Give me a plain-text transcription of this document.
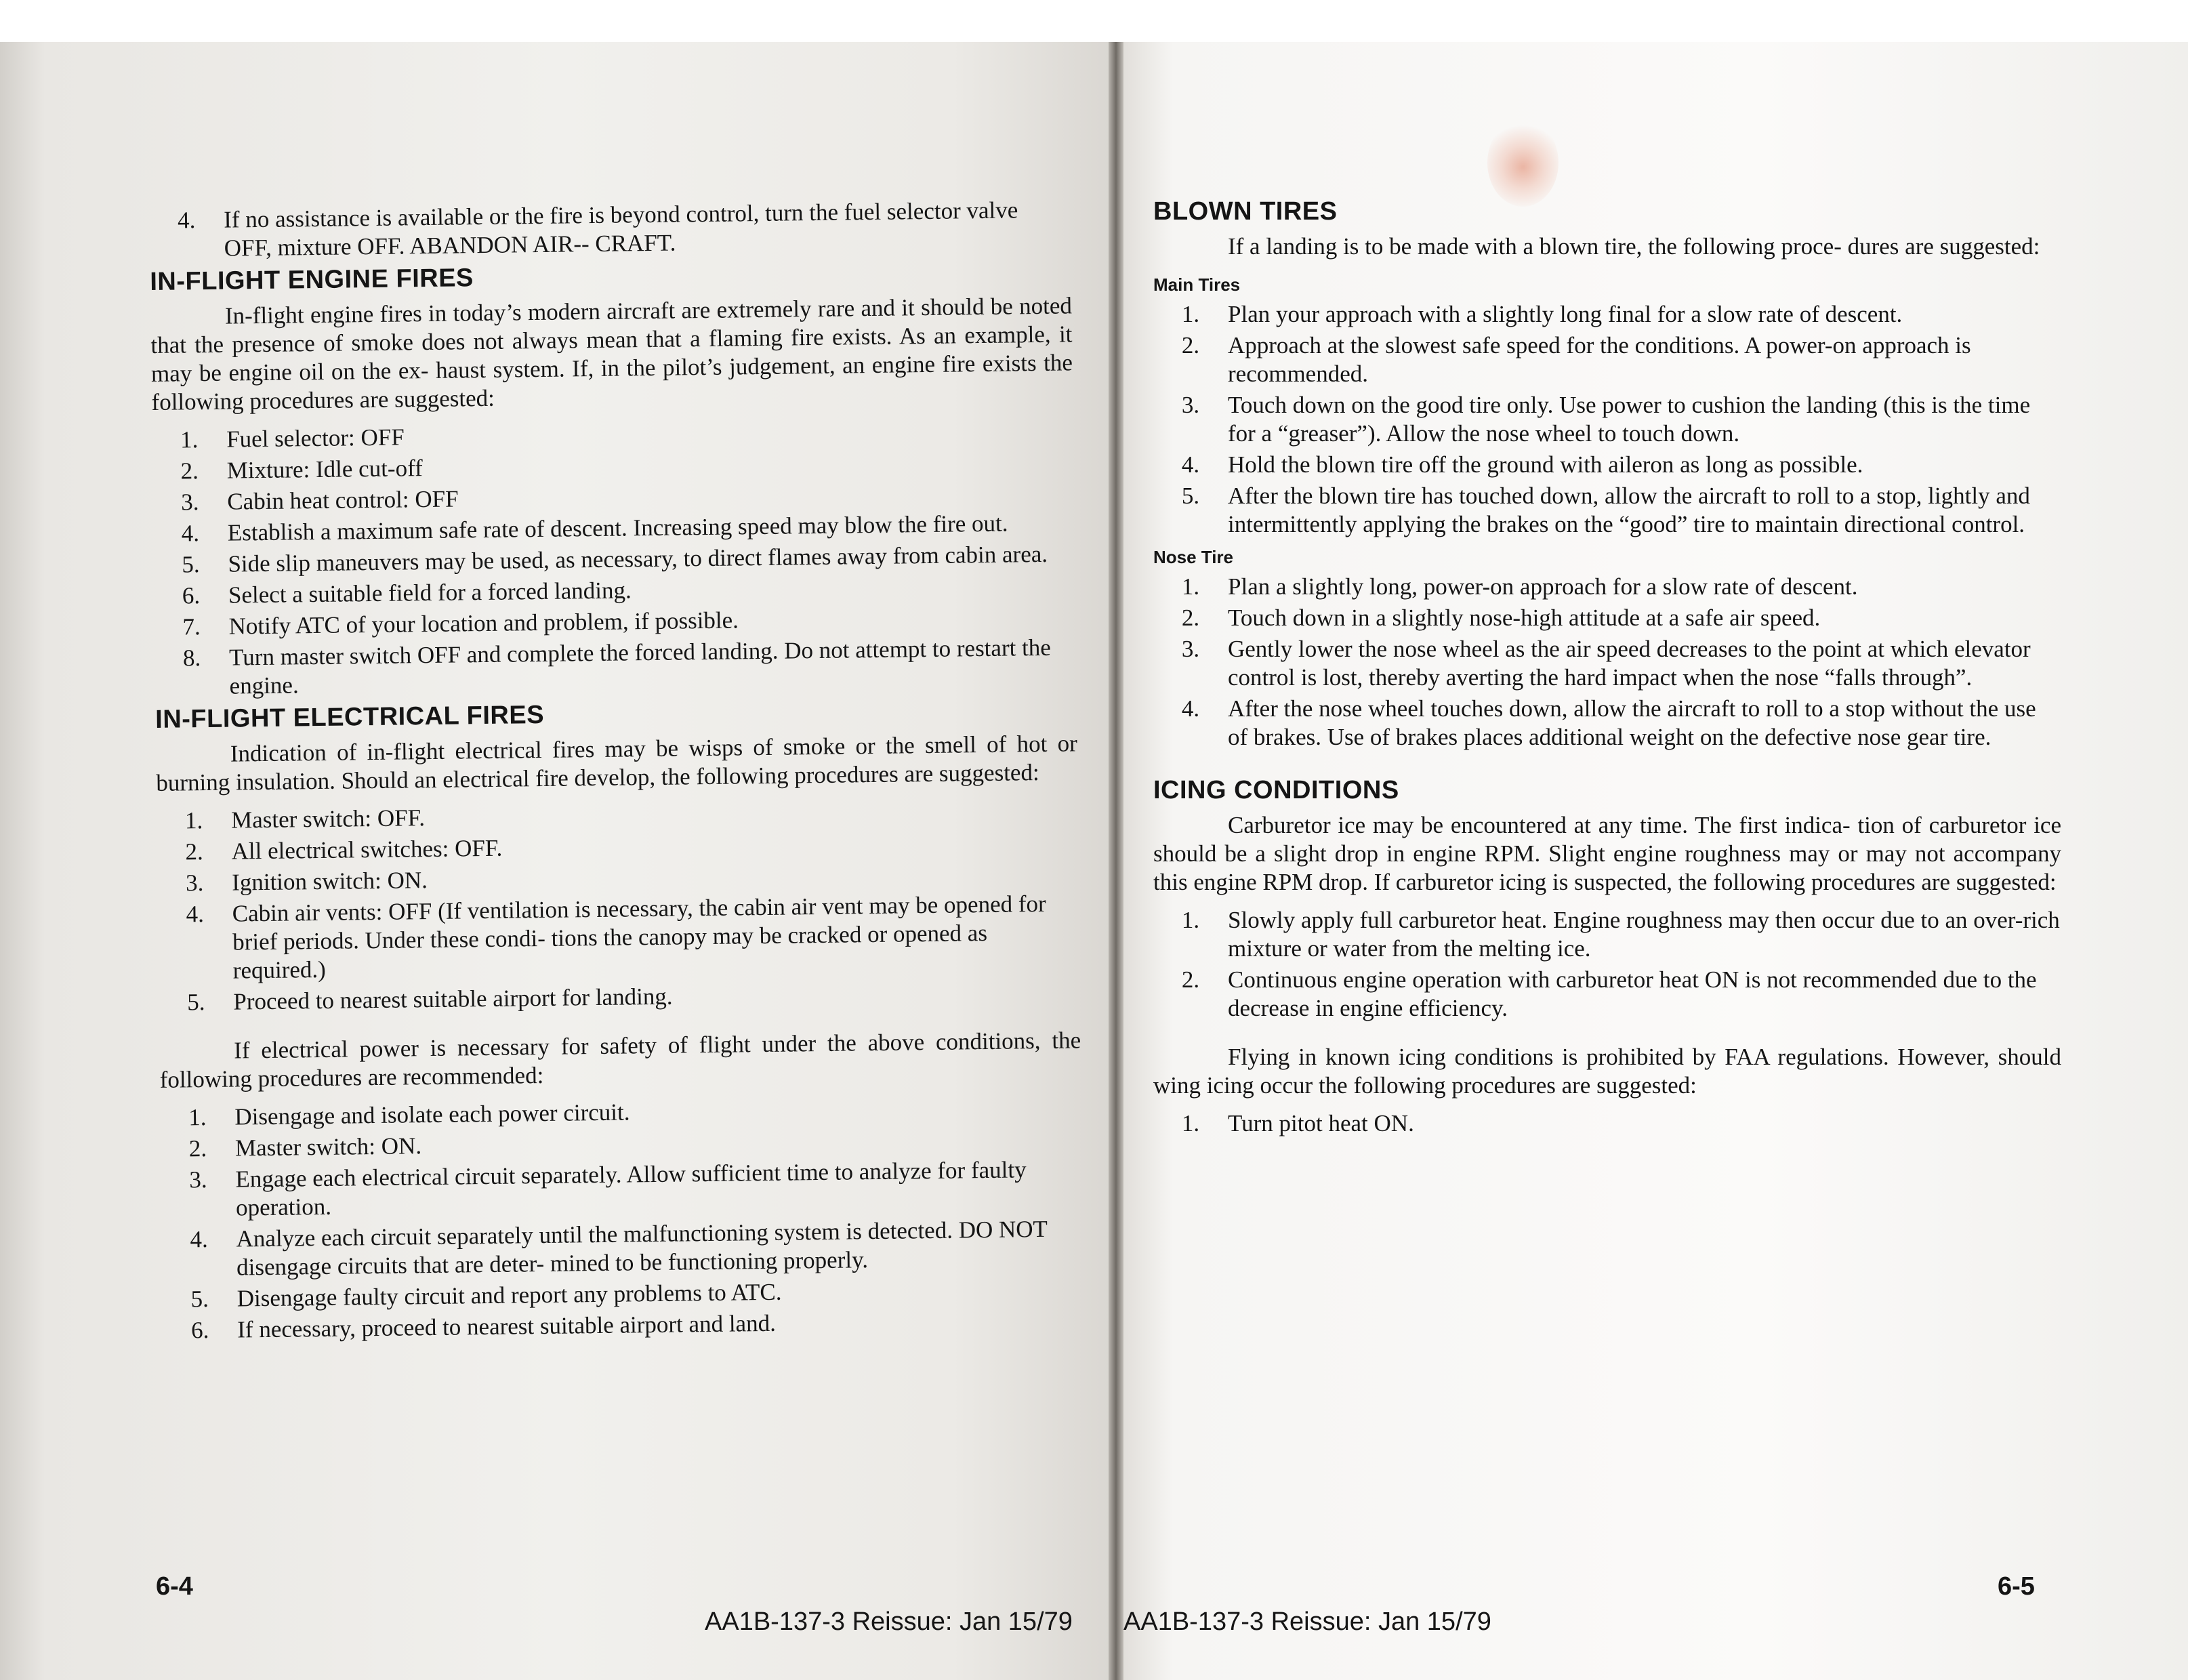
4.	If no assistance is available or the fire is beyond control, turn the fuel selector valve OFF, mixture OFF. ABANDON AIR-- CRAFT.
IN-FLIGHT ENGINE FIRES

In-flight engine fires in today’s modern aircraft are extremely rare and it should be noted that the presence of smoke does not always mean that a flaming fire exists. As an example, it may be engine oil on the ex- haust system. If, in the pilot’s judgement, an engine fire exists the following procedures are suggested:

1.	Fuel selector: OFF
2.	Mixture: Idle cut-off
3.	Cabin heat control: OFF
4.	Establish a maximum safe rate of descent. Increasing speed may blow the fire out.
5.	Side slip maneuvers may be used, as necessary, to direct flames away from cabin area.
6.	Select a suitable field for a forced landing.
7.	Notify ATC of your location and problem, if possible.
8.	Turn master switch OFF and complete the forced landing. Do not attempt to restart the engine.
IN-FLIGHT ELECTRICAL FIRES

Indication of in-flight electrical fires may be wisps of smoke or the smell of hot or burning insulation. Should an electrical fire develop, the following procedures are suggested:

1.	Master switch: OFF.
2.	All electrical switches: OFF.
3.	Ignition switch: ON.
4.	Cabin air vents: OFF (If ventilation is necessary, the cabin air vent may be opened for brief periods. Under these condi- tions the canopy may be cracked or opened as required.)
5.	Proceed to nearest suitable airport for landing.

If electrical power is necessary for safety of flight under the above conditions, the following procedures are recommended:

1.	Disengage and isolate each power circuit.
2.	Master switch: ON.
3.	Engage each electrical circuit separately. Allow sufficient time to analyze for faulty operation.
4.	Analyze each circuit separately until the malfunctioning system is detected. DO NOT disengage circuits that are deter- mined to be functioning properly.
5.	Disengage faulty circuit and report any problems to ATC.
6.	If necessary, proceed to nearest suitable airport and land.
6-4
AA1B-137-3 Reissue: Jan 15/79
BLOWN TIRES

If a landing is to be made with a blown tire, the following proce- dures are suggested:

Main Tires
1.	Plan your approach with a slightly long final for a slow rate of descent.
2.	Approach at the slowest safe speed for the conditions. A power-on approach is recommended.
3.	Touch down on the good tire only. Use power to cushion the landing (this is the time for a “greaser”). Allow the nose wheel to touch down.
4.	Hold the blown tire off the ground with aileron as long as possible.
5.	After the blown tire has touched down, allow the aircraft to roll to a stop, lightly and intermittently applying the brakes on the “good” tire to maintain directional control.
Nose Tire
1.	Plan a slightly long, power-on approach for a slow rate of descent.
2.	Touch down in a slightly nose-high attitude at a safe air speed.
3.	Gently lower the nose wheel as the air speed decreases to the point at which elevator control is lost, thereby averting the hard impact when the nose “falls through”.
4.	After the nose wheel touches down, allow the aircraft to roll to a stop without the use of brakes. Use of brakes places additional weight on the defective nose gear tire.
ICING CONDITIONS

Carburetor ice may be encountered at any time. The first indica- tion of carburetor ice should be a slight drop in engine RPM. Slight engine roughness may or may not accompany this engine RPM drop. If carburetor icing is suspected, the following procedures are suggested:

1.	Slowly apply full carburetor heat. Engine roughness may then occur due to an over-rich mixture or water from the melting ice.
2.	Continuous engine operation with carburetor heat ON is not recommended due to the decrease in engine efficiency.

Flying in known icing conditions is prohibited by FAA regulations. However, should wing icing occur the following procedures are suggested:

1.	Turn pitot heat ON.
6-5
AA1B-137-3 Reissue: Jan 15/79
